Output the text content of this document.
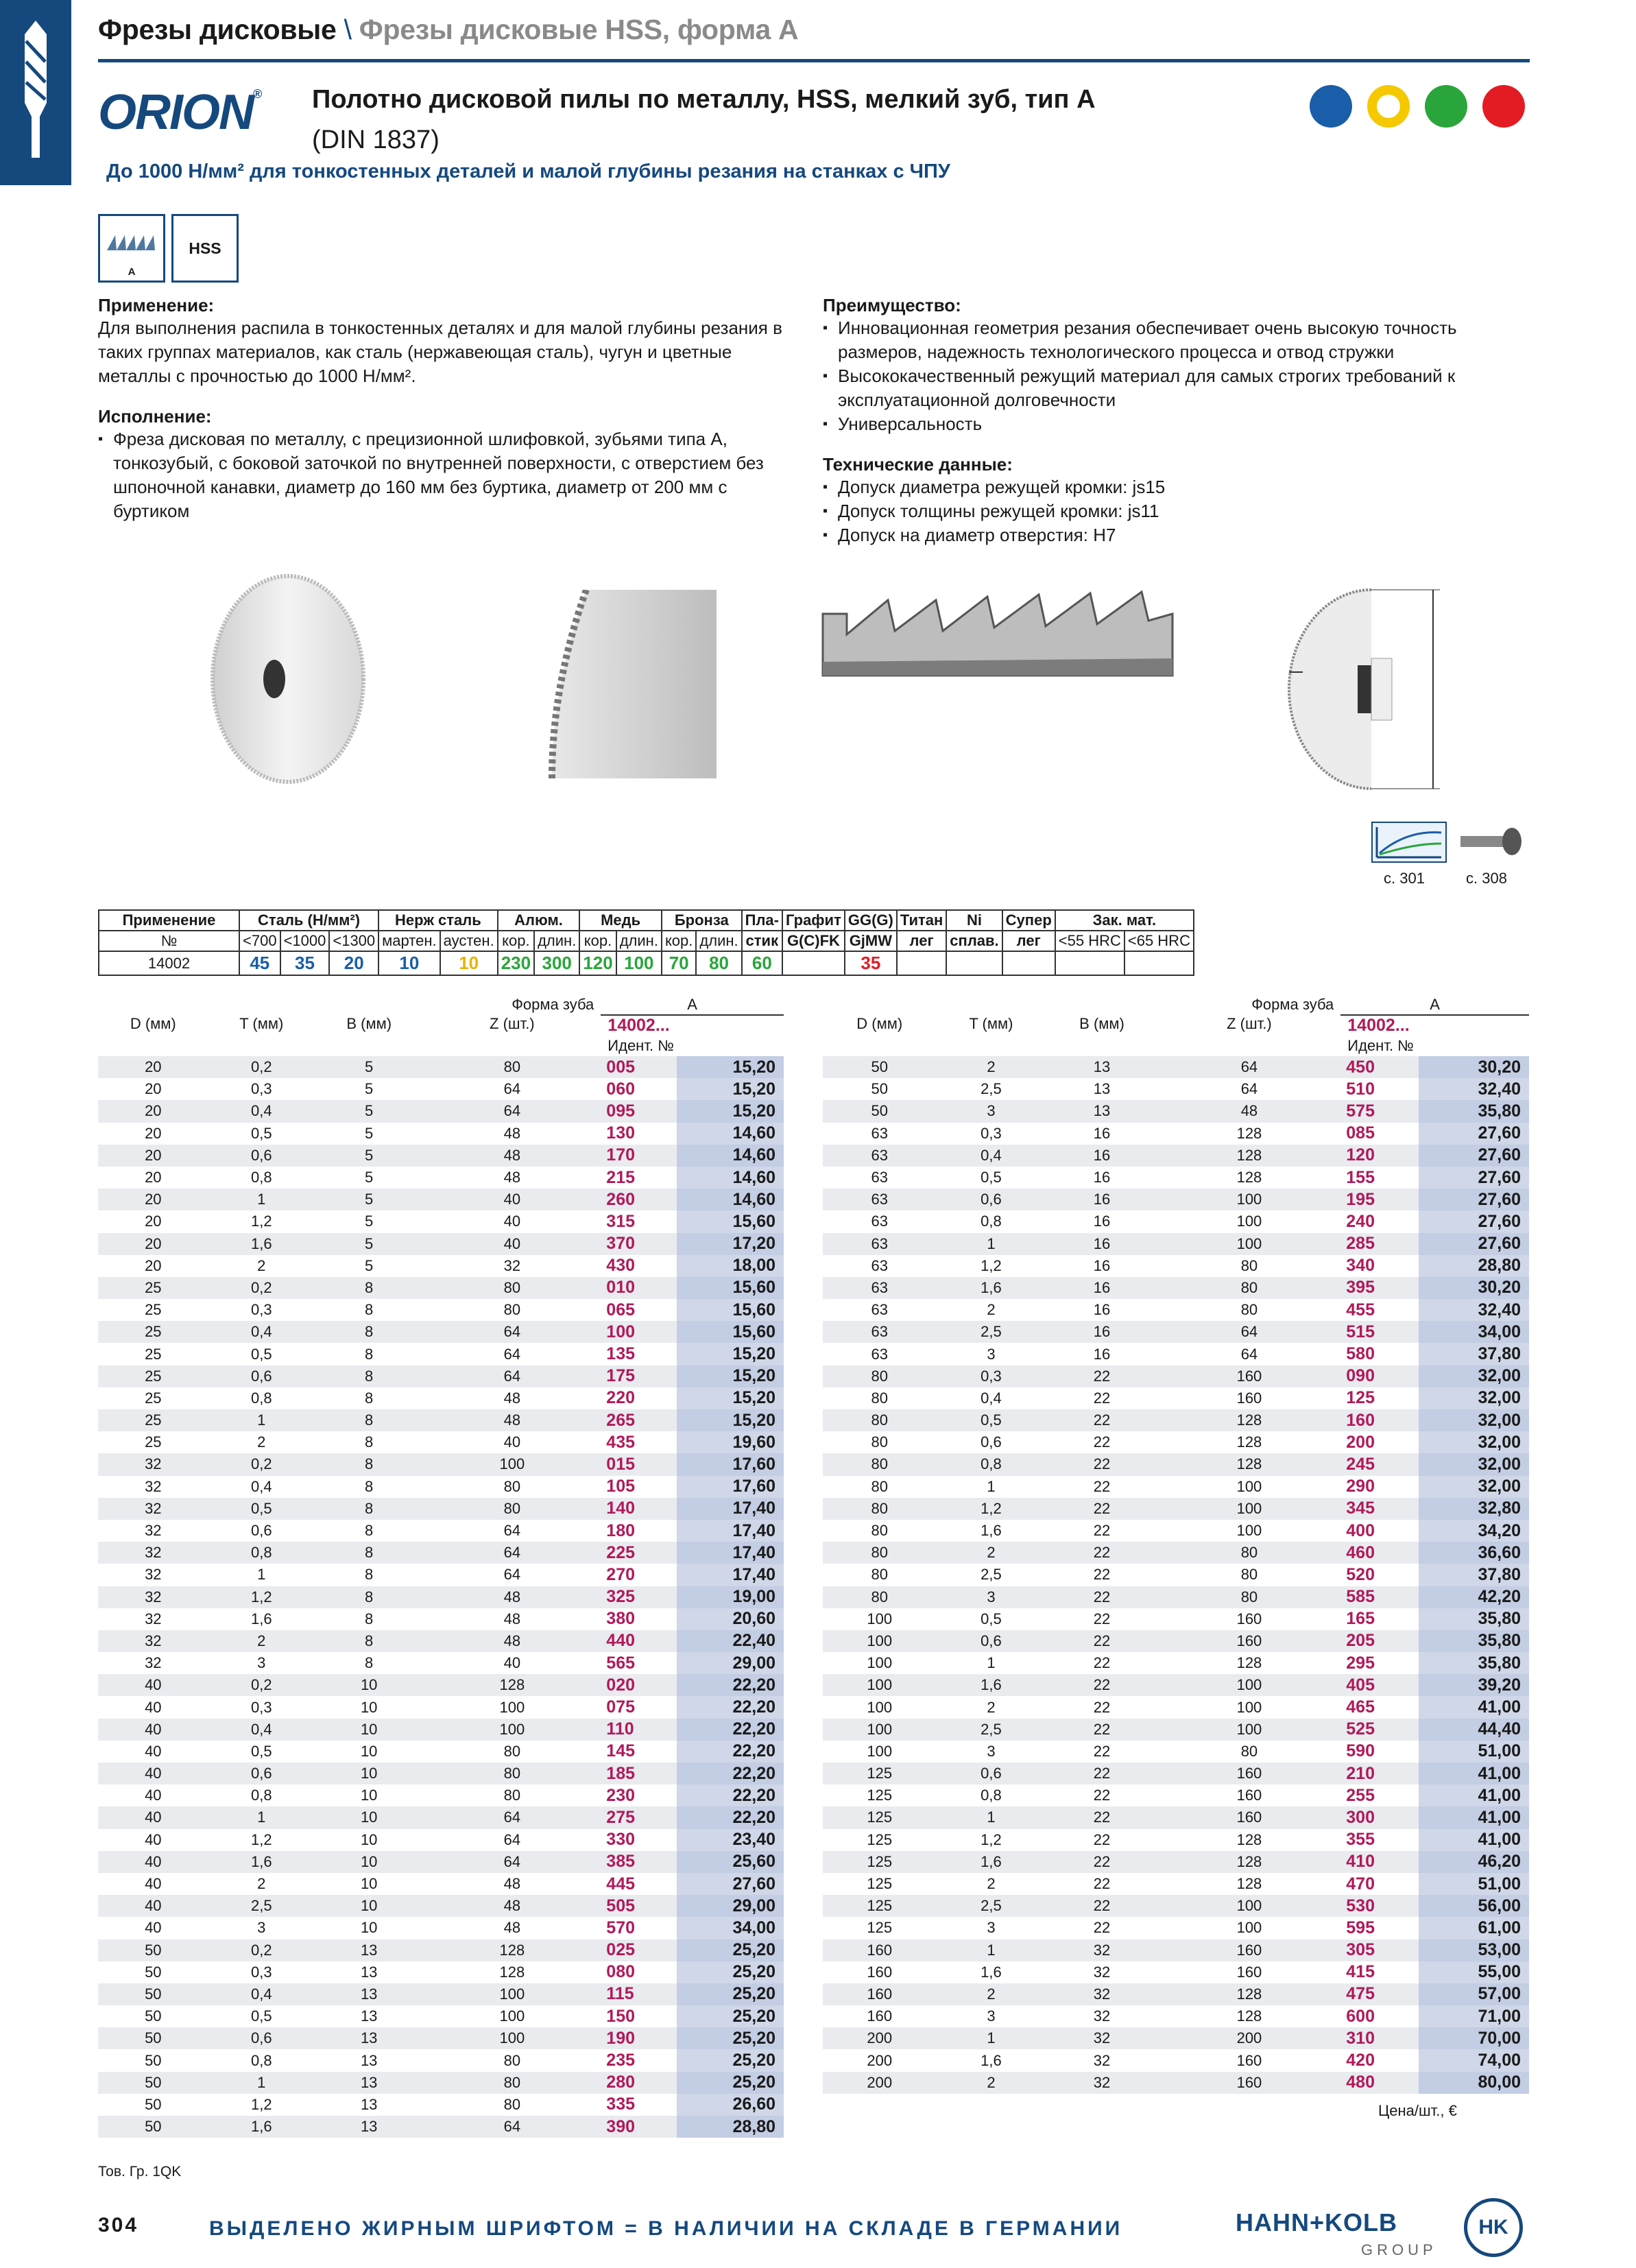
Фрезы дисковые \ Фрезы дисковые HSS, форма A
ORION® Полотно дисковой пилы по металлу, HSS, мелкий зуб, тип A
(DIN 1837)
До 1000 Н/мм² для тонкостенных деталей и малой глубины резания на станках с ЧПУ
A
HSS
Применение:
Для выполнения распила в тонкостенных деталях и для малой глубины резания в таких группах материалов, как сталь (нержавеющая сталь), чугун и цветные металлы с прочностью до 1000 Н/мм².
Исполнение:
▪ Фреза дисковая по металлу, с прецизионной шлифовкой, зубьями типа A, тонкозубый, с боковой заточкой по внутренней поверхности, с отверстием без шпоночной канавки, диаметр до 160 мм без буртика, диаметр от 200 мм с буртиком
Преимущество:
▪ Инновационная геометрия резания обеспечивает очень высокую точность размеров, надежность технологического процесса и отвод стружки
▪ Высококачественный режущий материал для самых строгих требований к эксплуатационной долговечности
▪ Универсальность
Технические данные:
▪ Допуск диаметра режущей кромки: js15
▪ Допуск толщины режущей кромки: js11
▪ Допуск на диаметр отверстия: H7
с. 301	с. 308
Применение	Сталь (Н/мм²)			Нерж сталь		Алюм.		Медь		Бронза		Пла-	Графит	GG(G)	Титан	Ni	Супер	Зак. мат.	
№	<700	<1000	<1300	мартен.	аустен.	кор.	длин.	кор.	длин.	кор.	длин.	стик	G(C)FK	GjMW	лег	сплав.	лег	<55 HRC	<65 HRC
14002	45	35	20	10	10	230	300	120	100	70	80	60		35					
			Форма зуба	A	
D (мм)	T (мм)	B (мм)	Z (шт.)	14002...	
				Идент. №	
20	0,2	5	80	005	15,20
20	0,3	5	64	060	15,20
20	0,4	5	64	095	15,20
20	0,5	5	48	130	14,60
20	0,6	5	48	170	14,60
20	0,8	5	48	215	14,60
20	1	5	40	260	14,60
20	1,2	5	40	315	15,60
20	1,6	5	40	370	17,20
20	2	5	32	430	18,00
25	0,2	8	80	010	15,60
25	0,3	8	80	065	15,60
25	0,4	8	64	100	15,60
25	0,5	8	64	135	15,20
25	0,6	8	64	175	15,20
25	0,8	8	48	220	15,20
25	1	8	48	265	15,20
25	2	8	40	435	19,60
32	0,2	8	100	015	17,60
32	0,4	8	80	105	17,60
32	0,5	8	80	140	17,40
32	0,6	8	64	180	17,40
32	0,8	8	64	225	17,40
32	1	8	64	270	17,40
32	1,2	8	48	325	19,00
32	1,6	8	48	380	20,60
32	2	8	48	440	22,40
32	3	8	40	565	29,00
40	0,2	10	128	020	22,20
40	0,3	10	100	075	22,20
40	0,4	10	100	110	22,20
40	0,5	10	80	145	22,20
40	0,6	10	80	185	22,20
40	0,8	10	80	230	22,20
40	1	10	64	275	22,20
40	1,2	10	64	330	23,40
40	1,6	10	64	385	25,60
40	2	10	48	445	27,60
40	2,5	10	48	505	29,00
40	3	10	48	570	34,00
50	0,2	13	128	025	25,20
50	0,3	13	128	080	25,20
50	0,4	13	100	115	25,20
50	0,5	13	100	150	25,20
50	0,6	13	100	190	25,20
50	0,8	13	80	235	25,20
50	1	13	80	280	25,20
50	1,2	13	80	335	26,60
50	1,6	13	64	390	28,80
			Форма зуба	A	
D (мм)	T (мм)	B (мм)	Z (шт.)	14002...	
				Идент. №	
50	2	13	64	450	30,20
50	2,5	13	64	510	32,40
50	3	13	48	575	35,80
63	0,3	16	128	085	27,60
63	0,4	16	128	120	27,60
63	0,5	16	128	155	27,60
63	0,6	16	100	195	27,60
63	0,8	16	100	240	27,60
63	1	16	100	285	27,60
63	1,2	16	80	340	28,80
63	1,6	16	80	395	30,20
63	2	16	80	455	32,40
63	2,5	16	64	515	34,00
63	3	16	64	580	37,80
80	0,3	22	160	090	32,00
80	0,4	22	160	125	32,00
80	0,5	22	128	160	32,00
80	0,6	22	128	200	32,00
80	0,8	22	128	245	32,00
80	1	22	100	290	32,00
80	1,2	22	100	345	32,80
80	1,6	22	100	400	34,20
80	2	22	80	460	36,60
80	2,5	22	80	520	37,80
80	3	22	80	585	42,20
100	0,5	22	160	165	35,80
100	0,6	22	160	205	35,80
100	1	22	128	295	35,80
100	1,6	22	100	405	39,20
100	2	22	100	465	41,00
100	2,5	22	100	525	44,40
100	3	22	80	590	51,00
125	0,6	22	160	210	41,00
125	0,8	22	160	255	41,00
125	1	22	160	300	41,00
125	1,2	22	128	355	41,00
125	1,6	22	128	410	46,20
125	2	22	128	470	51,00
125	2,5	22	100	530	56,00
125	3	22	100	595	61,00
160	1	32	160	305	53,00
160	1,6	32	160	415	55,00
160	2	32	128	475	57,00
160	3	32	128	600	71,00
200	1	32	200	310	70,00
200	1,6	32	160	420	74,00
200	2	32	160	480	80,00
Цена/шт., €
Тов. Гр. 1QK
304	ВЫДЕЛЕНО ЖИРНЫМ ШРИФТОМ = В НАЛИЧИИ НА СКЛАДЕ В ГЕРМАНИИ	HAHN+KOLB
GROUP
HK
